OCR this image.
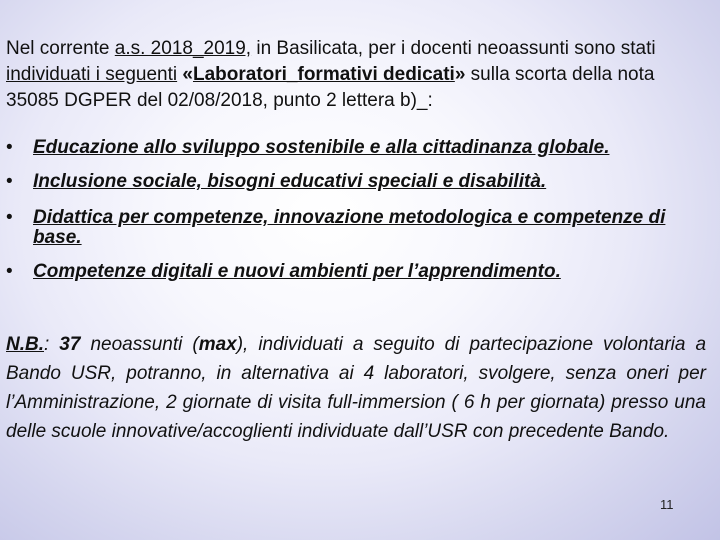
Nel corrente a.s. 2018_2019, in Basilicata, per i docenti neoassunti sono stati individuati i seguenti «Laboratori_formativi dedicati» sulla scorta della nota 35085 DGPER del 02/08/2018, punto 2 lettera b)_:

• Educazione allo sviluppo sostenibile e alla cittadinanza globale.
• Inclusione sociale, bisogni educativi speciali e disabilità.
• Didattica per competenze, innovazione metodologica e competenze di base.
• Competenze digitali e nuovi ambienti per l’apprendimento.

N.B.: 37 neoassunti (max), individuati a seguito di partecipazione volontaria a Bando USR, potranno, in alternativa ai 4 laboratori, svolgere, senza oneri per l’Amministrazione, 2 giornate di visita full-immersion ( 6 h per giornata) presso una delle scuole innovative/accoglienti individuate dall’USR con precedente Bando.

11
